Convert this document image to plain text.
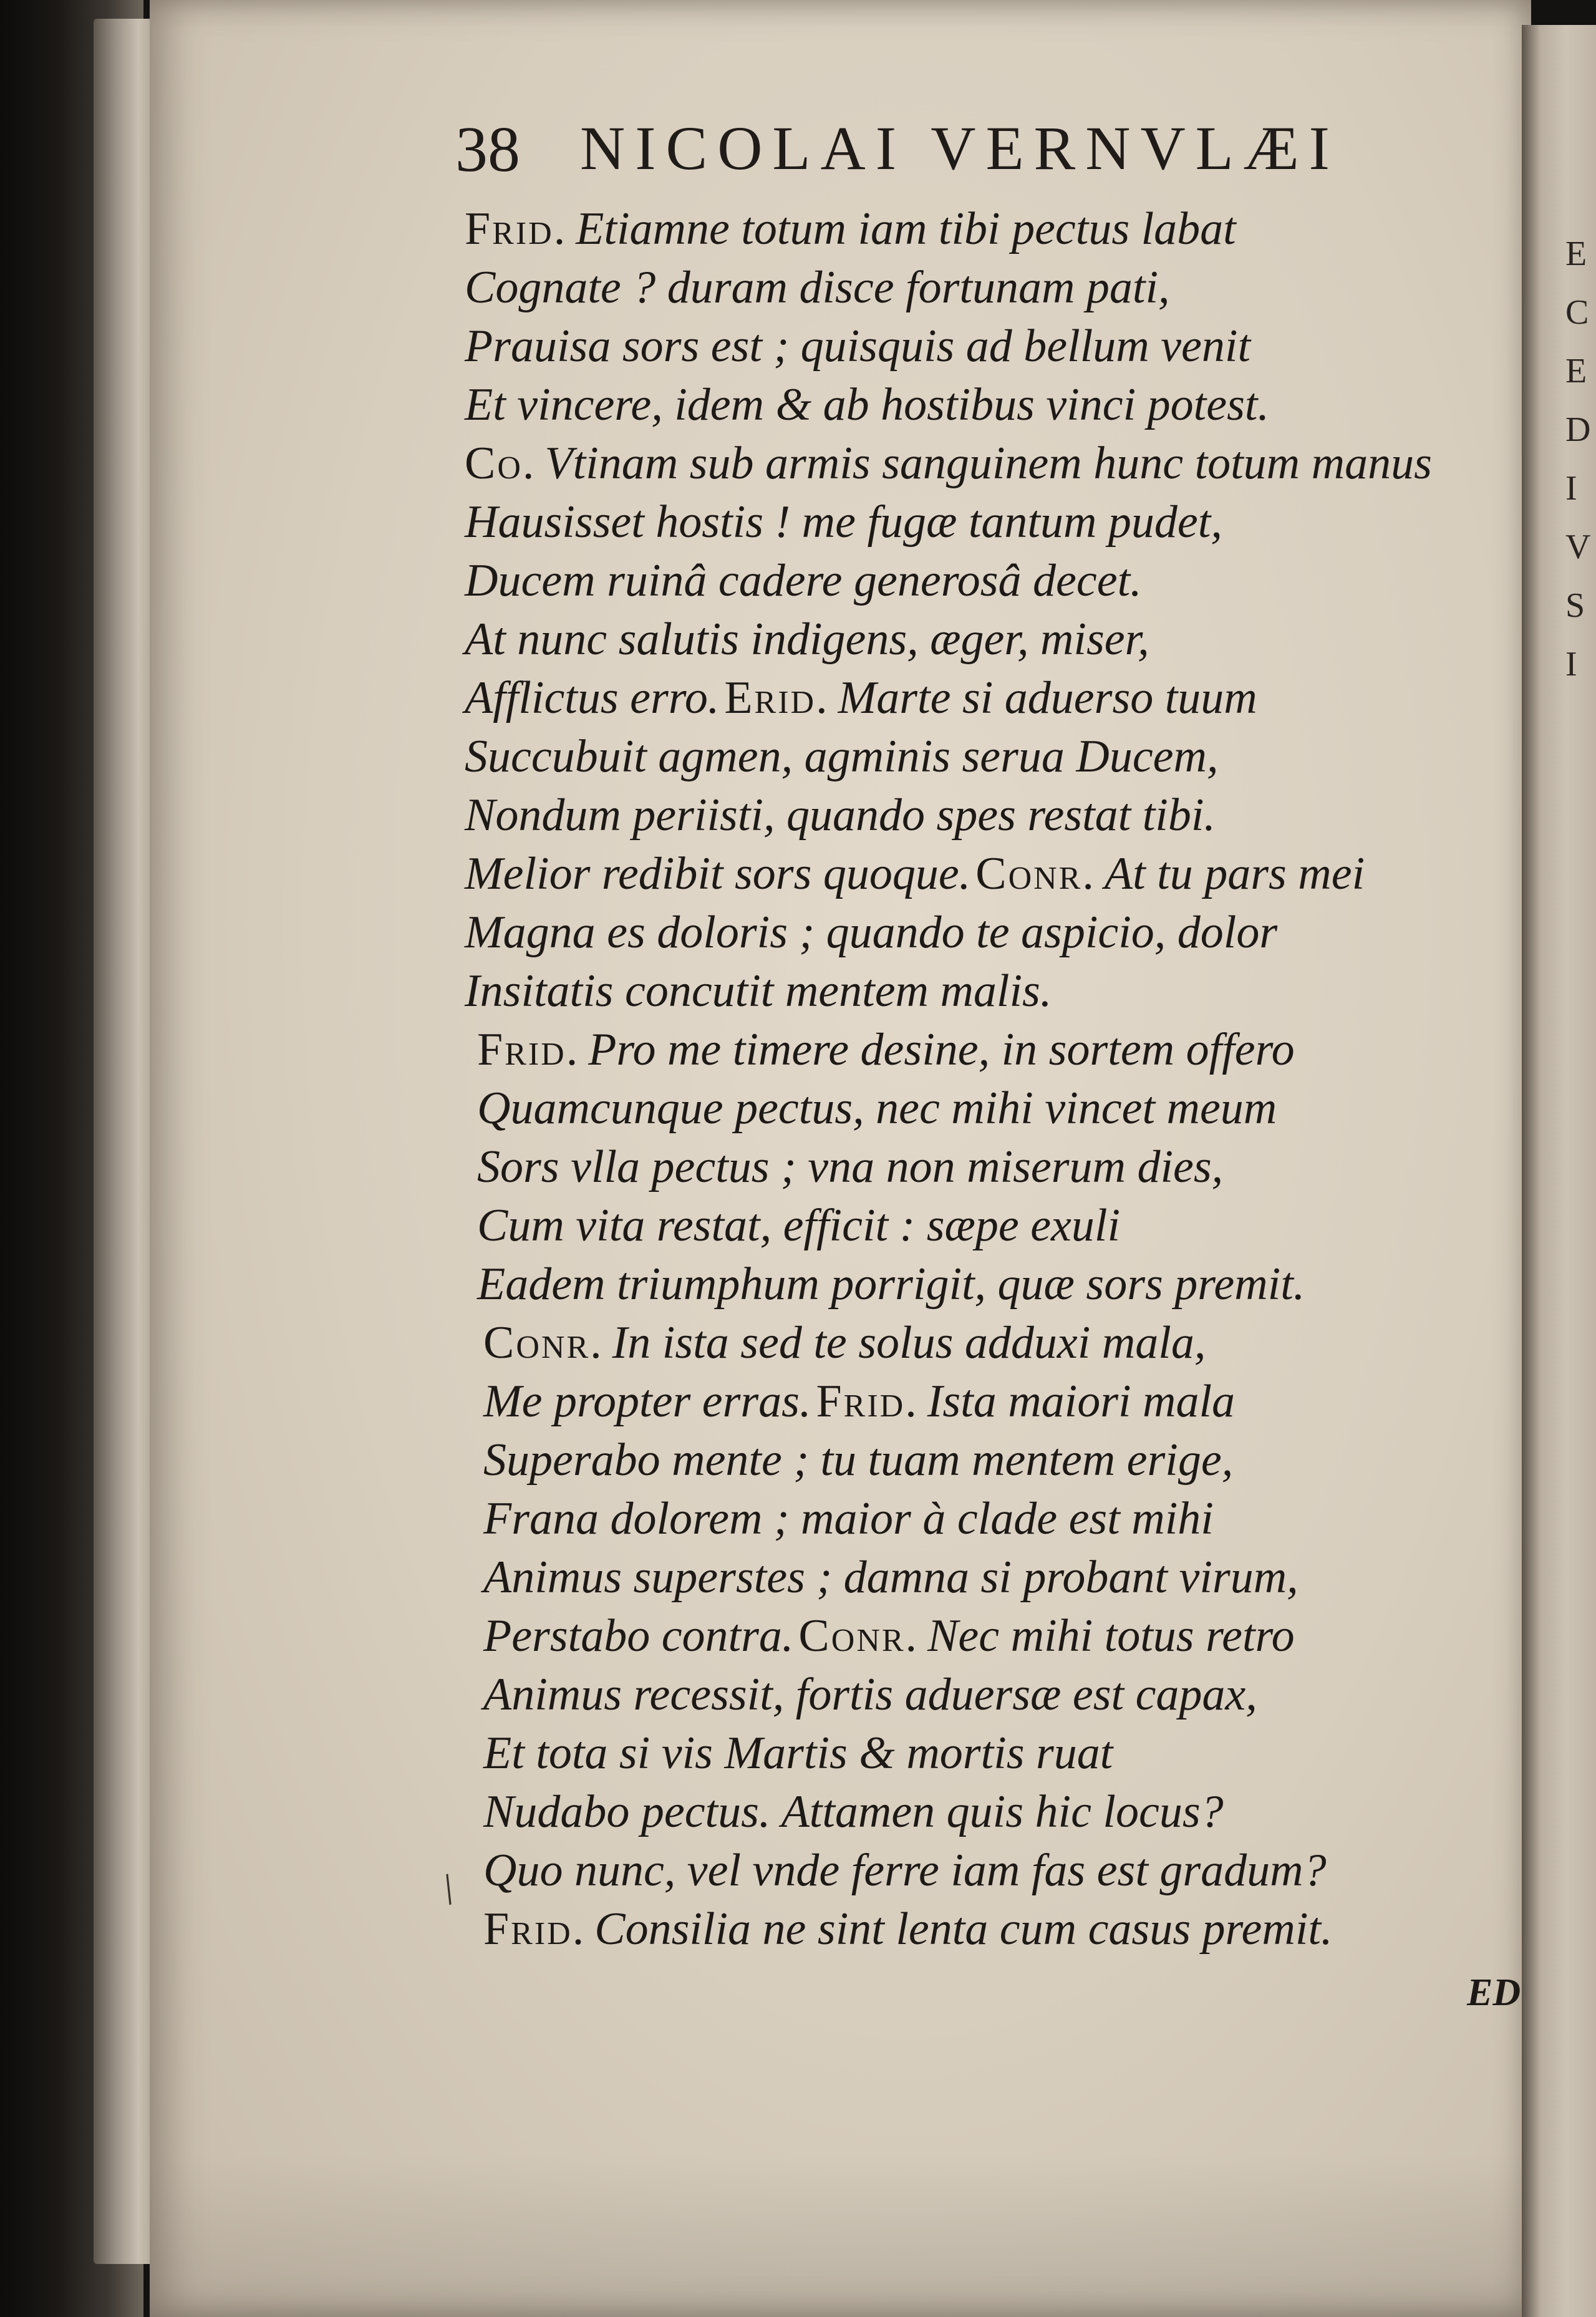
E
C
E
D
I
V
S
I
38 NICOLAI VERNVLÆI
Frid. Etiamne totum iam tibi pectus labat
Cognate ? duram disce fortunam pati,
Prauisa sors est ; quisquis ad bellum venit
Et vincere, idem & ab hostibus vinci potest.
Co. Vtinam sub armis sanguinem hunc totum manus
Hausisset hostis ! me fugæ tantum pudet,
Ducem ruinâ cadere generosâ decet.
At nunc salutis indigens, æger, miser,
Afflictus erro. Erid. Marte si aduerso tuum
Succubuit agmen, agminis serua Ducem,
Nondum periisti, quando spes restat tibi.
Melior redibit sors quoque. Conr. At tu pars mei
Magna es doloris ; quando te aspicio, dolor
Insitatis concutit mentem malis.
Frid. Pro me timere desine, in sortem offero
Quamcunque pectus, nec mihi vincet meum
Sors vlla pectus ; vna non miserum dies,
Cum vita restat, efficit : sæpe exuli
Eadem triumphum porrigit, quæ sors premit.
Conr. In ista sed te solus adduxi mala,
Me propter erras. Frid. Ista maiori mala
Superabo mente ; tu tuam mentem erige,
Frana dolorem ; maior à clade est mihi
Animus superstes ; damna si probant virum,
Perstabo contra. Conr. Nec mihi totus retro
Animus recessit, fortis aduersæ est capax,
Et tota si vis Martis & mortis ruat
Nudabo pectus. Attamen quis hic locus?
Quo nunc, vel vnde ferre iam fas est gradum?
Frid. Consilia ne sint lenta cum casus premit.
/
ED
